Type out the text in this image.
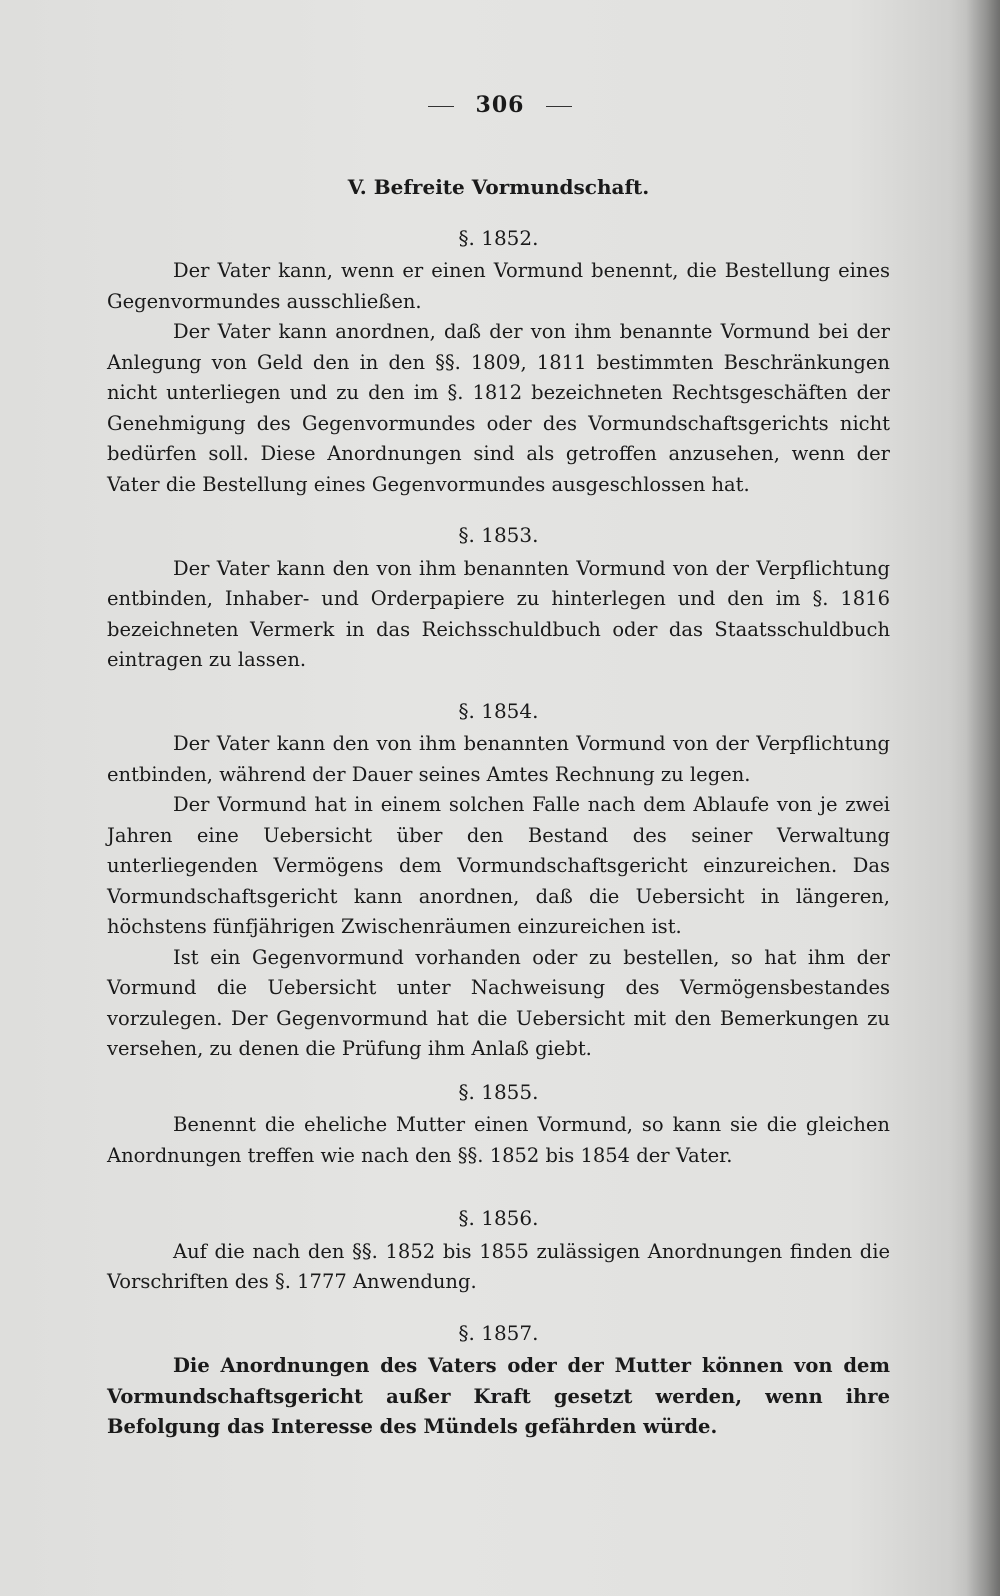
306
V. Befreite Vormundschaft.
§. 1852.

Der Vater kann, wenn er einen Vormund benennt, die Bestellung eines Gegenvormundes ausschließen.

Der Vater kann anordnen, daß der von ihm benannte Vormund bei der Anlegung von Geld den in den §§. 1809, 1811 bestimmten Beschränkungen nicht unterliegen und zu den im §. 1812 bezeichneten Rechtsgeschäften der Genehmigung des Gegenvormundes oder des Vormundschaftsgerichts nicht bedürfen soll. Diese Anordnungen sind als getroffen anzusehen, wenn der Vater die Bestellung eines Gegenvormundes ausgeschlossen hat.

§. 1853.

Der Vater kann den von ihm benannten Vormund von der Verpflichtung entbinden, Inhaber- und Orderpapiere zu hinterlegen und den im §. 1816 bezeichneten Vermerk in das Reichsschuldbuch oder das Staatsschuldbuch eintragen zu lassen.

§. 1854.

Der Vater kann den von ihm benannten Vormund von der Verpflichtung entbinden, während der Dauer seines Amtes Rechnung zu legen.

Der Vormund hat in einem solchen Falle nach dem Ablaufe von je zwei Jahren eine Uebersicht über den Bestand des seiner Verwaltung unterliegenden Vermögens dem Vormundschaftsgericht einzureichen. Das Vormundschaftsgericht kann anordnen, daß die Uebersicht in längeren, höchstens fünfjährigen Zwischenräumen einzureichen ist.

Ist ein Gegenvormund vorhanden oder zu bestellen, so hat ihm der Vormund die Uebersicht unter Nachweisung des Vermögensbestandes vorzulegen. Der Gegenvormund hat die Uebersicht mit den Bemerkungen zu versehen, zu denen die Prüfung ihm Anlaß giebt.

§. 1855.

Benennt die eheliche Mutter einen Vormund, so kann sie die gleichen Anordnungen treffen wie nach den §§. 1852 bis 1854 der Vater.

§. 1856.

Auf die nach den §§. 1852 bis 1855 zulässigen Anordnungen finden die Vorschriften des §. 1777 Anwendung.

§. 1857.

Die Anordnungen des Vaters oder der Mutter können von dem Vormundschaftsgericht außer Kraft gesetzt werden, wenn ihre Befolgung das Interesse des Mündels gefährden würde.
